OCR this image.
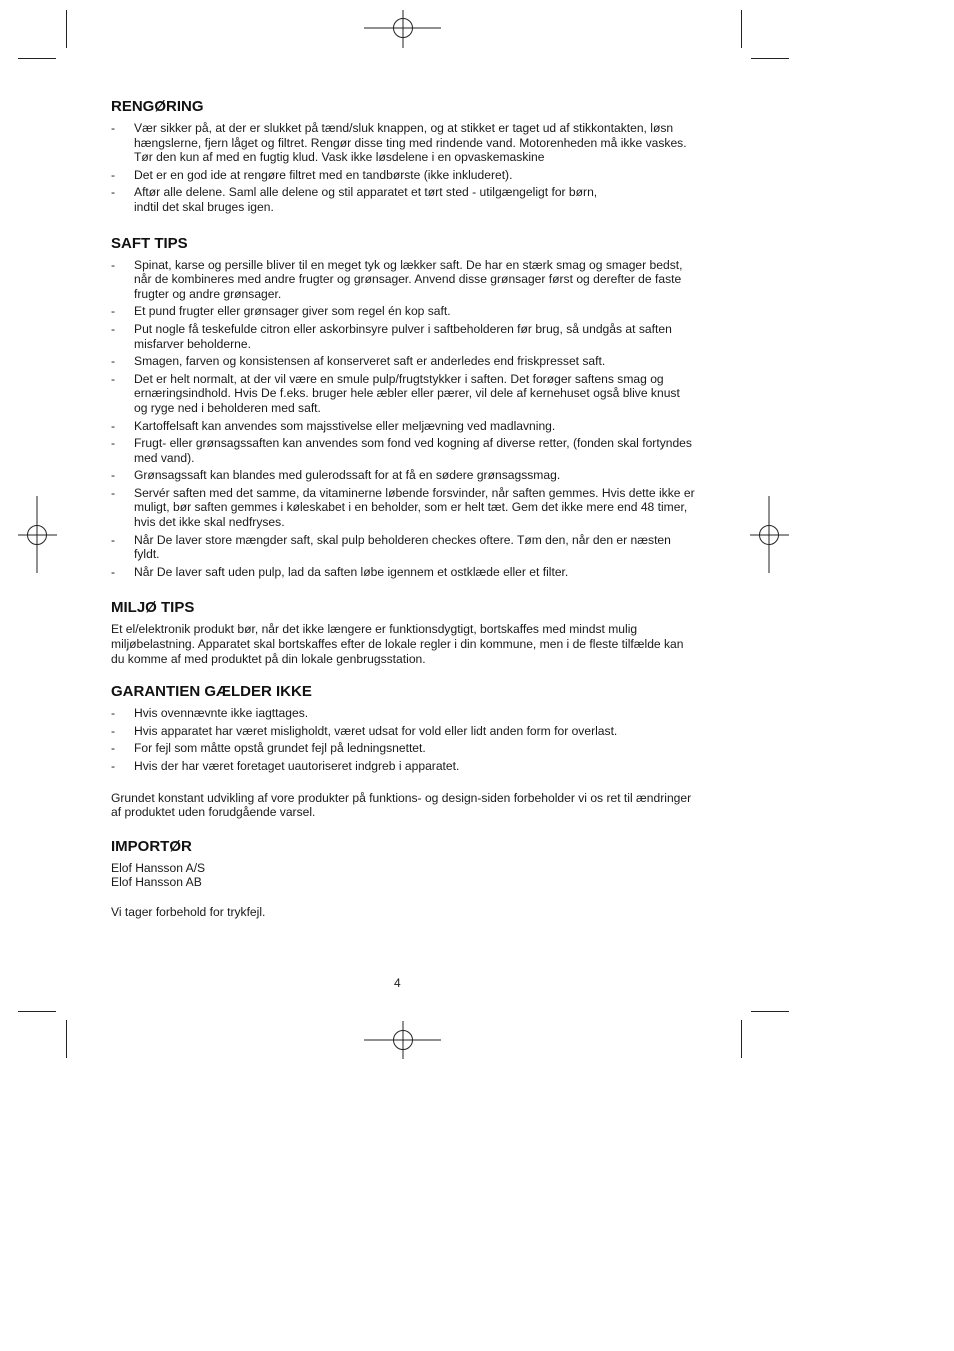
RENGØRING
- Vær sikker på, at der er slukket på tænd/sluk knappen, og at stikket er taget ud af stikkontakten, løsn hængslerne, fjern låget og filtret. Rengør disse ting med rindende vand. Motorenheden må ikke vaskes. Tør den kun af med en fugtig klud. Vask ikke løsdelene i en opvaskemaskine
- Det er en god ide at rengøre filtret med en tandbørste (ikke inkluderet).
- Aftør alle delene. Saml alle delene og stil apparatet et tørt sted - utilgængeligt for børn,
indtil det skal bruges igen.
SAFT TIPS
- Spinat, karse og persille bliver til en meget tyk og lækker saft. De har en stærk smag og smager bedst, når de kombineres med andre frugter og grønsager. Anvend disse grønsager først og derefter de faste frugter og andre grønsager.
- Et pund frugter eller grønsager giver som regel én kop saft.
- Put nogle få teskefulde citron eller askorbinsyre pulver i saftbeholderen før brug, så undgås at saften misfarver beholderne.
- Smagen, farven og konsistensen af konserveret saft er anderledes end friskpresset saft.
- Det er helt normalt, at der vil være en smule pulp/frugtstykker i saften. Det forøger saftens smag og ernæringsindhold. Hvis De f.eks. bruger hele æbler eller pærer, vil dele af kernehuset også blive knust og ryge ned i beholderen med saft.
- Kartoffelsaft kan anvendes som majsstivelse eller meljævning ved madlavning.
- Frugt- eller grønsagssaften kan anvendes som fond ved kogning af diverse retter, (fonden skal fortyndes med vand).
- Grønsagssaft kan blandes med gulerodssaft for at få en sødere grønsagssmag.
- Servér saften med det samme, da vitaminerne løbende forsvinder, når saften gemmes. Hvis dette ikke er muligt, bør saften gemmes i køleskabet i en beholder, som er helt tæt. Gem det ikke mere end 48 timer, hvis det ikke skal nedfryses.
- Når De laver store mængder saft, skal pulp beholderen checkes oftere. Tøm den, når den er næsten fyldt.
- Når De laver saft uden pulp, lad da saften løbe igennem et ostklæde eller et filter.
MILJØ TIPS

Et el/elektronik produkt bør, når det ikke længere er funktionsdygtigt, bortskaffes med mindst mulig miljøbelastning. Apparatet skal bortskaffes efter de lokale regler i din kommune, men i de fleste tilfælde kan du komme af med produktet på din lokale genbrugsstation.

GARANTIEN GÆLDER IKKE
- Hvis ovennævnte ikke iagttages.
- Hvis apparatet har været misligholdt, været udsat for vold eller lidt anden form for overlast.
- For fejl som måtte opstå grundet fejl på ledningsnettet.
- Hvis der har været foretaget uautoriseret indgreb i apparatet.

Grundet konstant udvikling af vore produkter på funktions- og design-siden forbeholder vi os ret til ændringer af produktet uden forudgående varsel.

IMPORTØR

Elof Hansson A/S

Elof Hansson AB

Vi tager forbehold for trykfejl.

4
